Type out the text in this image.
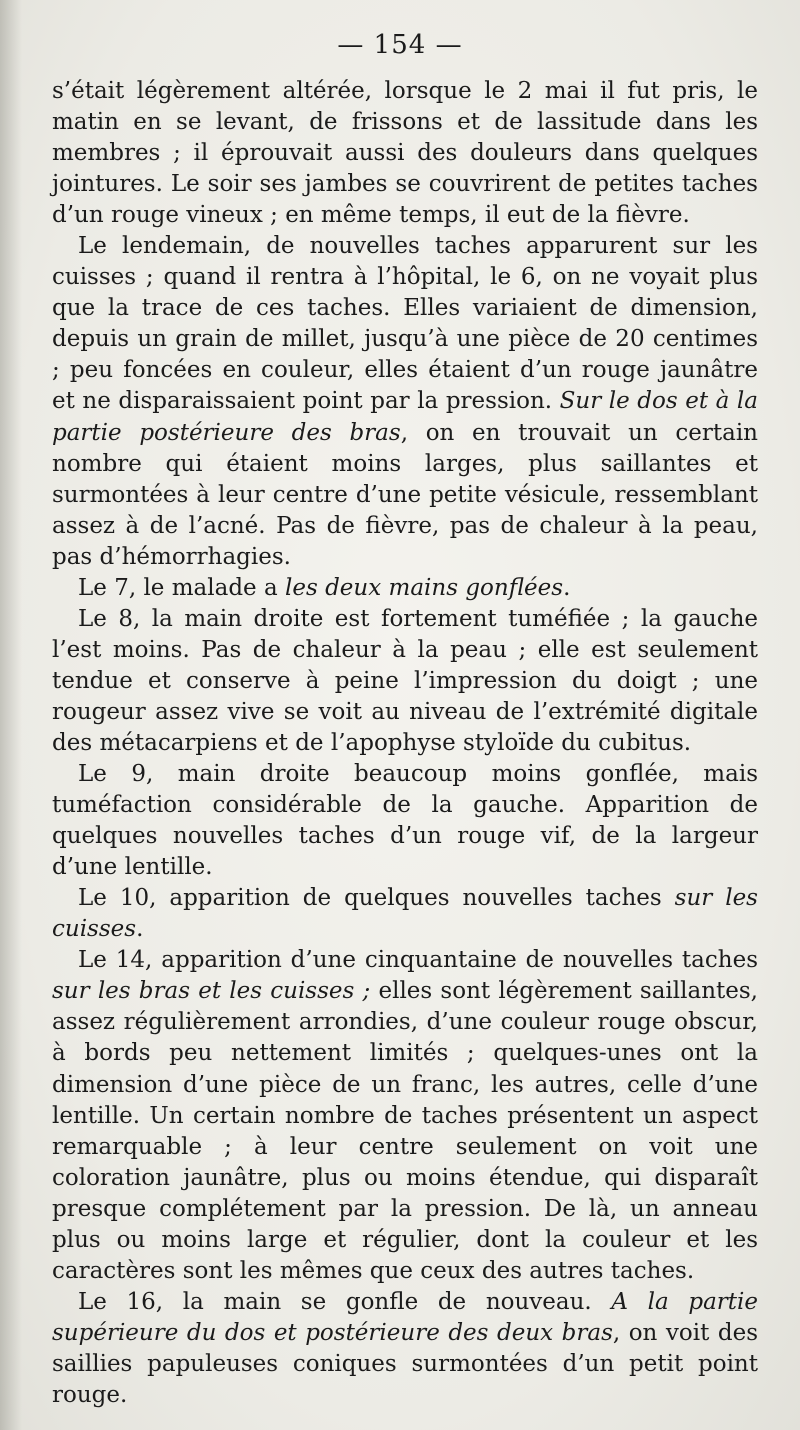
— 154 —

s’était légèrement altérée, lorsque le 2 mai il fut pris, le matin en se levant, de frissons et de lassitude dans les membres ; il éprouvait aussi des douleurs dans quelques jointures. Le soir ses jambes se couvrirent de petites taches d’un rouge vineux ; en même temps, il eut de la fièvre.

Le lendemain, de nouvelles taches apparurent sur les cuisses ; quand il rentra à l’hôpital, le 6, on ne voyait plus que la trace de ces taches. Elles variaient de dimension, depuis un grain de millet, jusqu’à une pièce de 20 centimes ; peu foncées en couleur, elles étaient d’un rouge jaunâtre et ne disparaissaient point par la pression. Sur le dos et à la partie postérieure des bras, on en trouvait un certain nombre qui étaient moins larges, plus saillantes et surmontées à leur centre d’une petite vésicule, ressemblant assez à de l’acné. Pas de fièvre, pas de chaleur à la peau, pas d’hémorrhagies.

Le 7, le malade a les deux mains gonflées.

Le 8, la main droite est fortement tuméfiée ; la gauche l’est moins. Pas de chaleur à la peau ; elle est seulement tendue et conserve à peine l’impression du doigt ; une rougeur assez vive se voit au niveau de l’extrémité digitale des métacarpiens et de l’apophyse styloïde du cubitus.

Le 9, main droite beaucoup moins gonflée, mais tuméfaction considérable de la gauche. Apparition de quelques nouvelles taches d’un rouge vif, de la largeur d’une lentille.

Le 10, apparition de quelques nouvelles taches sur les cuisses.

Le 14, apparition d’une cinquantaine de nouvelles taches sur les bras et les cuisses ; elles sont légèrement saillantes, assez régulièrement arrondies, d’une couleur rouge obscur, à bords peu nettement limités ; quelques-unes ont la dimension d’une pièce de un franc, les autres, celle d’une lentille. Un certain nombre de taches présentent un aspect remarquable ; à leur centre seulement on voit une coloration jaunâtre, plus ou moins étendue, qui disparaît presque complétement par la pression. De là, un anneau plus ou moins large et régulier, dont la couleur et les caractères sont les mêmes que ceux des autres taches.

Le 16, la main se gonfle de nouveau. A la partie supérieure du dos et postérieure des deux bras, on voit des saillies papuleuses coniques surmontées d’un petit point rouge.
